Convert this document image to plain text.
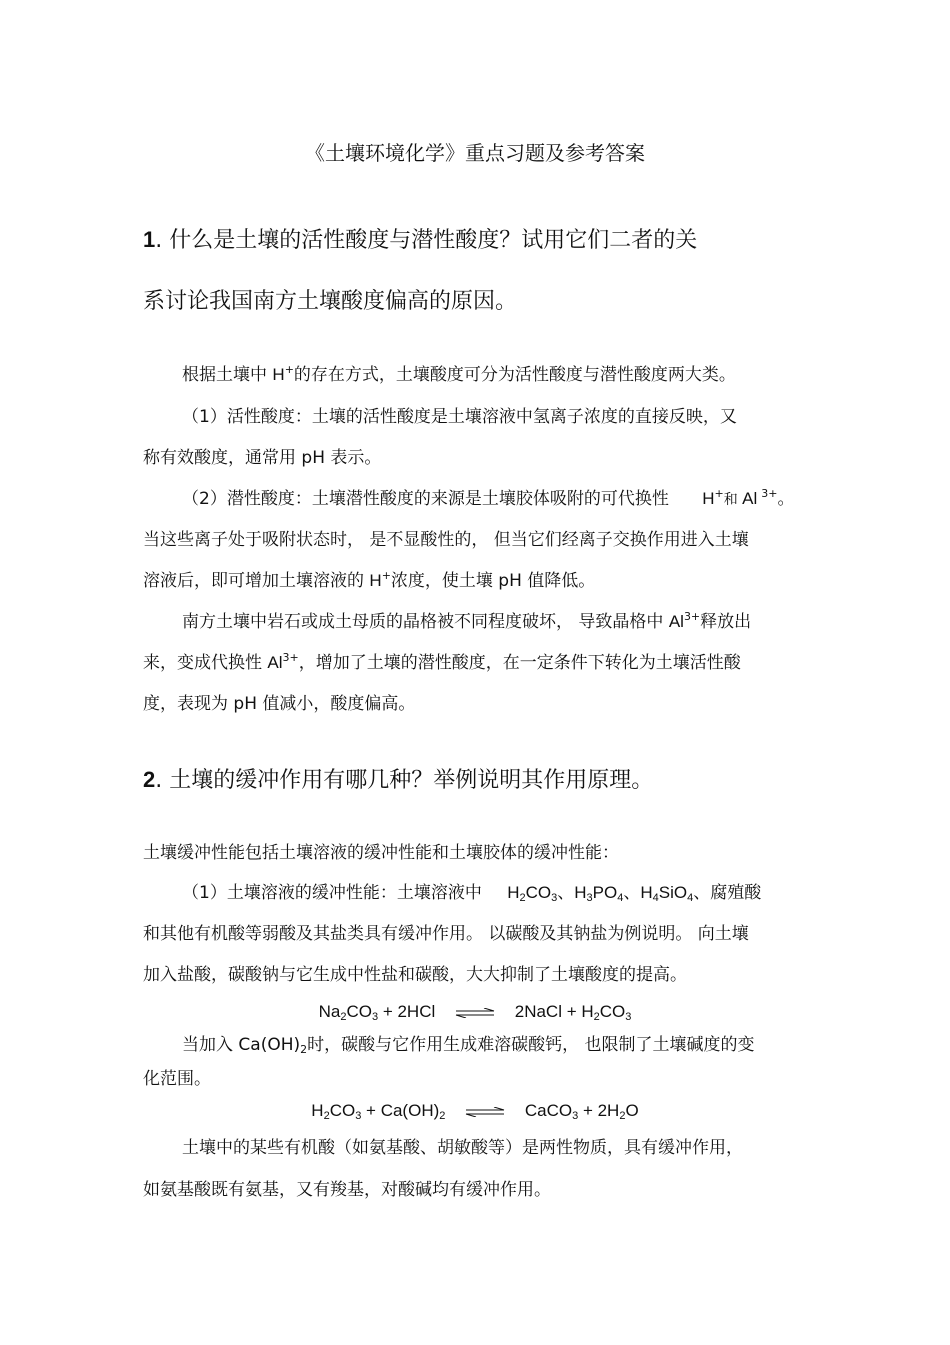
《土壤环境化学》重点习题及参考答案
1. 什么是土壤的活性酸度与潜性酸度？试用它们二者的关
系讨论我国南方土壤酸度偏高的原因。
根据土壤中 H+的存在方式，土壤酸度可分为活性酸度与潜性酸度两大类。
（1）活性酸度：土壤的活性酸度是土壤溶液中氢离子浓度的直接反映，又
称有效酸度，通常用 pH 表示。
（2）潜性酸度：土壤潜性酸度的来源是土壤胶体吸附的可代换性 H+和 Al $^{3+}$。
当这些离子处于吸附状态时， 是不显酸性的， 但当它们经离子交换作用进入土壤
溶液后，即可增加土壤溶液的 H+浓度，使土壤 pH 值降低。
南方土壤中岩石或成土母质的晶格被不同程度破坏， 导致晶格中 $Al^{3+}$释放出
来，变成代换性 $Al^{3+}$，增加了土壤的潜性酸度，在一定条件下转化为土壤活性酸
度，表现为 pH 值减小，酸度偏高。
2. 土壤的缓冲作用有哪几种？举例说明其作用原理。
土壤缓冲性能包括土壤溶液的缓冲性能和土壤胶体的缓冲性能：
（1）土壤溶液的缓冲性能：土壤溶液中 $H_2CO_3$、$H_3PO_4$、$H_4SiO_4$、腐殖酸
和其他有机酸等弱酸及其盐类具有缓冲作用。 以碳酸及其钠盐为例说明。 向土壤
加入盐酸，碳酸钠与它生成中性盐和碳酸，大大抑制了土壤酸度的提高。
$Na_2CO_3 + 2HCl$ ⇌ 2NaCl + $H_2CO_3$
当加入 $Ca(OH)_2$时，碳酸与它作用生成难溶碳酸钙， 也限制了土壤碱度的变
化范围。
$H_2CO_3 + Ca(OH)_2$ ⇌ CaCO$_3$ + $2H_2O$
土壤中的某些有机酸（如氨基酸、胡敏酸等）是两性物质，具有缓冲作用，
如氨基酸既有氨基，又有羧基，对酸碱均有缓冲作用。
